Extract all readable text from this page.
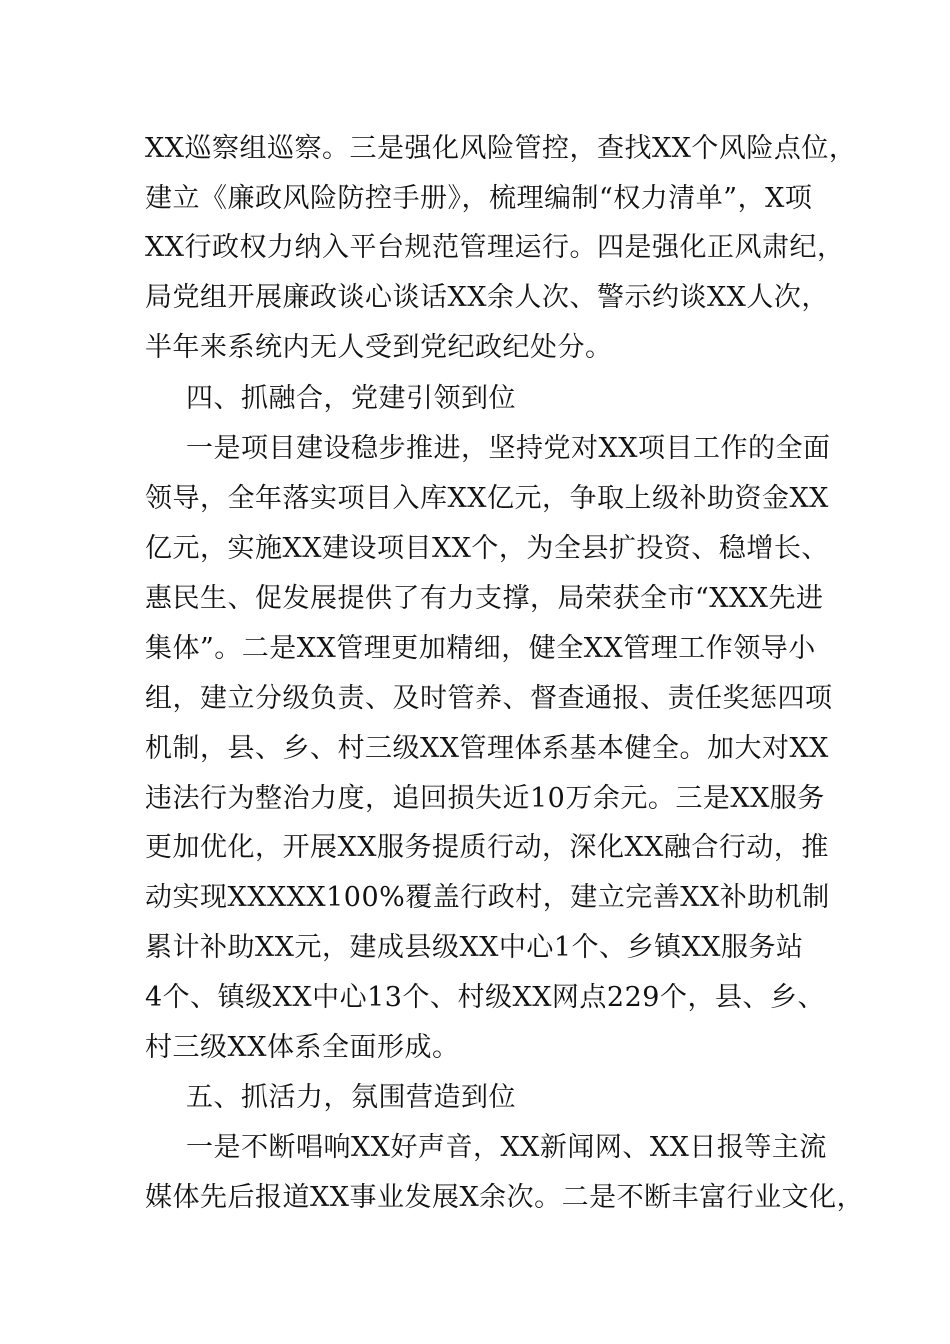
XX巡察组巡察。三是强化风险管控，查找XX个风险点位，
建立《廉政风险防控手册》，梳理编制“权力清单”，X项
XX行政权力纳入平台规范管理运行。四是强化正风肃纪，
局党组开展廉政谈心谈话XX余人次、警示约谈XX人次，
半年来系统内无人受到党纪政纪处分。
四、抓融合，党建引领到位
一是项目建设稳步推进，坚持党对XX项目工作的全面
领导，全年落实项目入库XX亿元，争取上级补助资金XX
亿元，实施XX建设项目XX个，为全县扩投资、稳增长、
惠民生、促发展提供了有力支撑，局荣获全市“XXX先进
集体”。二是XX管理更加精细，健全XX管理工作领导小
组，建立分级负责、及时管养、督查通报、责任奖惩四项
机制，县、乡、村三级XX管理体系基本健全。加大对XX
违法行为整治力度，追回损失近10万余元。三是XX服务
更加优化，开展XX服务提质行动，深化XX融合行动，推
动实现XXXXX100%覆盖行政村，建立完善XX补助机制
累计补助XX元，建成县级XX中心1个、乡镇XX服务站
4个、镇级XX中心13个、村级XX网点229个，县、乡、
村三级XX体系全面形成。
五、抓活力，氛围营造到位
一是不断唱响XX好声音，XX新闻网、XX日报等主流
媒体先后报道XX事业发展X余次。二是不断丰富行业文化，
